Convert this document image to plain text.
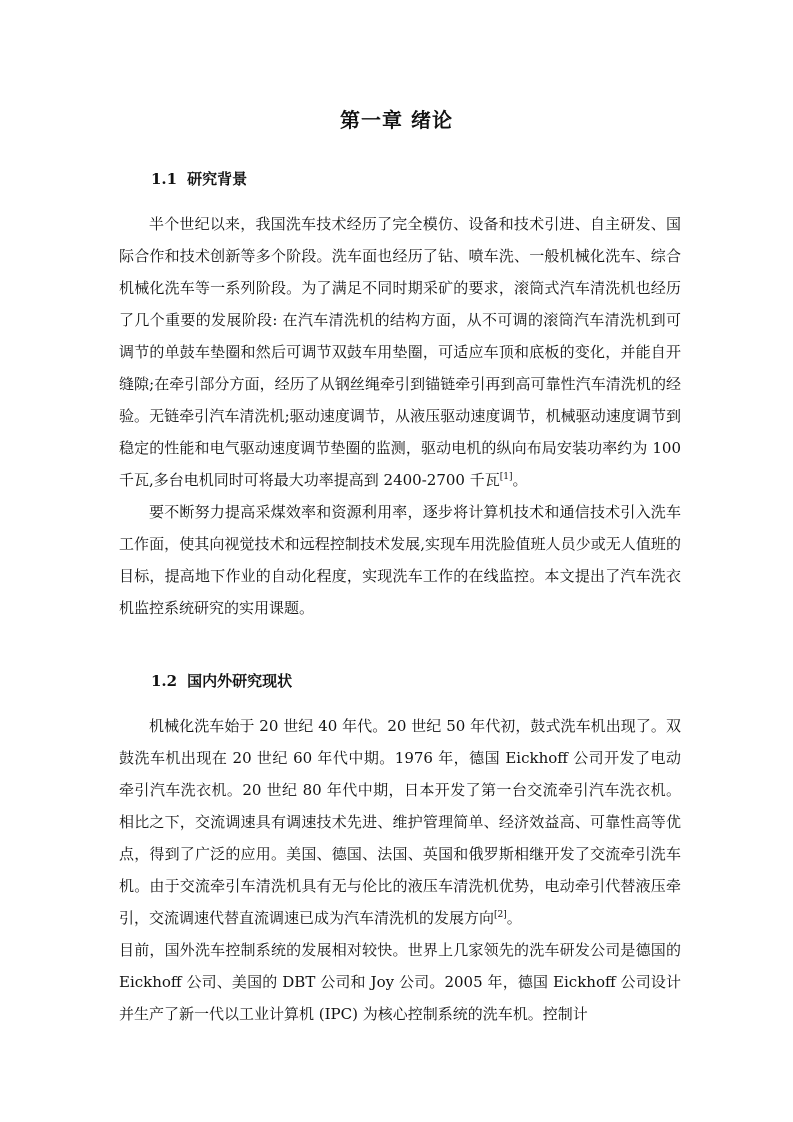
第一章 绪论
1.1 研究背景

半个世纪以来，我国洗车技术经历了完全模仿、设备和技术引进、自主研发、国际合作和技术创新等多个阶段。洗车面也经历了钻、喷车洗、一般机械化洗车、综合机械化洗车等一系列阶段。为了满足不同时期采矿的要求，滚筒式汽车清洗机也经历了几个重要的发展阶段: 在汽车清洗机的结构方面，从不可调的滚筒汽车清洗机到可调节的单鼓车垫圈和然后可调节双鼓车用垫圈，可适应车顶和底板的变化，并能自开缝隙;在牵引部分方面，经历了从钢丝绳牵引到锚链牵引再到高可靠性汽车清洗机的经验。无链牵引汽车清洗机;驱动速度调节，从液压驱动速度调节，机械驱动速度调节到稳定的性能和电气驱动速度调节垫圈的监测，驱动电机的纵向布局安装功率约为 100 千瓦,多台电机同时可将最大功率提高到 2400-2700 千瓦[1]。

要不断努力提高采煤效率和资源利用率，逐步将计算机技术和通信技术引入洗车工作面，使其向视觉技术和远程控制技术发展,实现车用洗脸值班人员少或无人值班的目标，提高地下作业的自动化程度，实现洗车工作的在线监控。本文提出了汽车洗衣机监控系统研究的实用课题。

1.2 国内外研究现状

机械化洗车始于 20 世纪 40 年代。20 世纪 50 年代初，鼓式洗车机出现了。双鼓洗车机出现在 20 世纪 60 年代中期。1976 年，德国 Eickhoff 公司开发了电动牵引汽车洗衣机。20 世纪 80 年代中期，日本开发了第一台交流牵引汽车洗衣机。相比之下，交流调速具有调速技术先进、维护管理简单、经济效益高、可靠性高等优点，得到了广泛的应用。美国、德国、法国、英国和俄罗斯相继开发了交流牵引洗车机。由于交流牵引车清洗机具有无与伦比的液压车清洗机优势，电动牵引代替液压牵引，交流调速代替直流调速已成为汽车清洗机的发展方向[2]。

目前，国外洗车控制系统的发展相对较快。世界上几家领先的洗车研发公司是德国的 Eickhoff 公司、美国的 DBT 公司和 Joy 公司。2005 年，德国 Eickhoff 公司设计并生产了新一代以工业计算机 (IPC) 为核心控制系统的洗车机。控制计
